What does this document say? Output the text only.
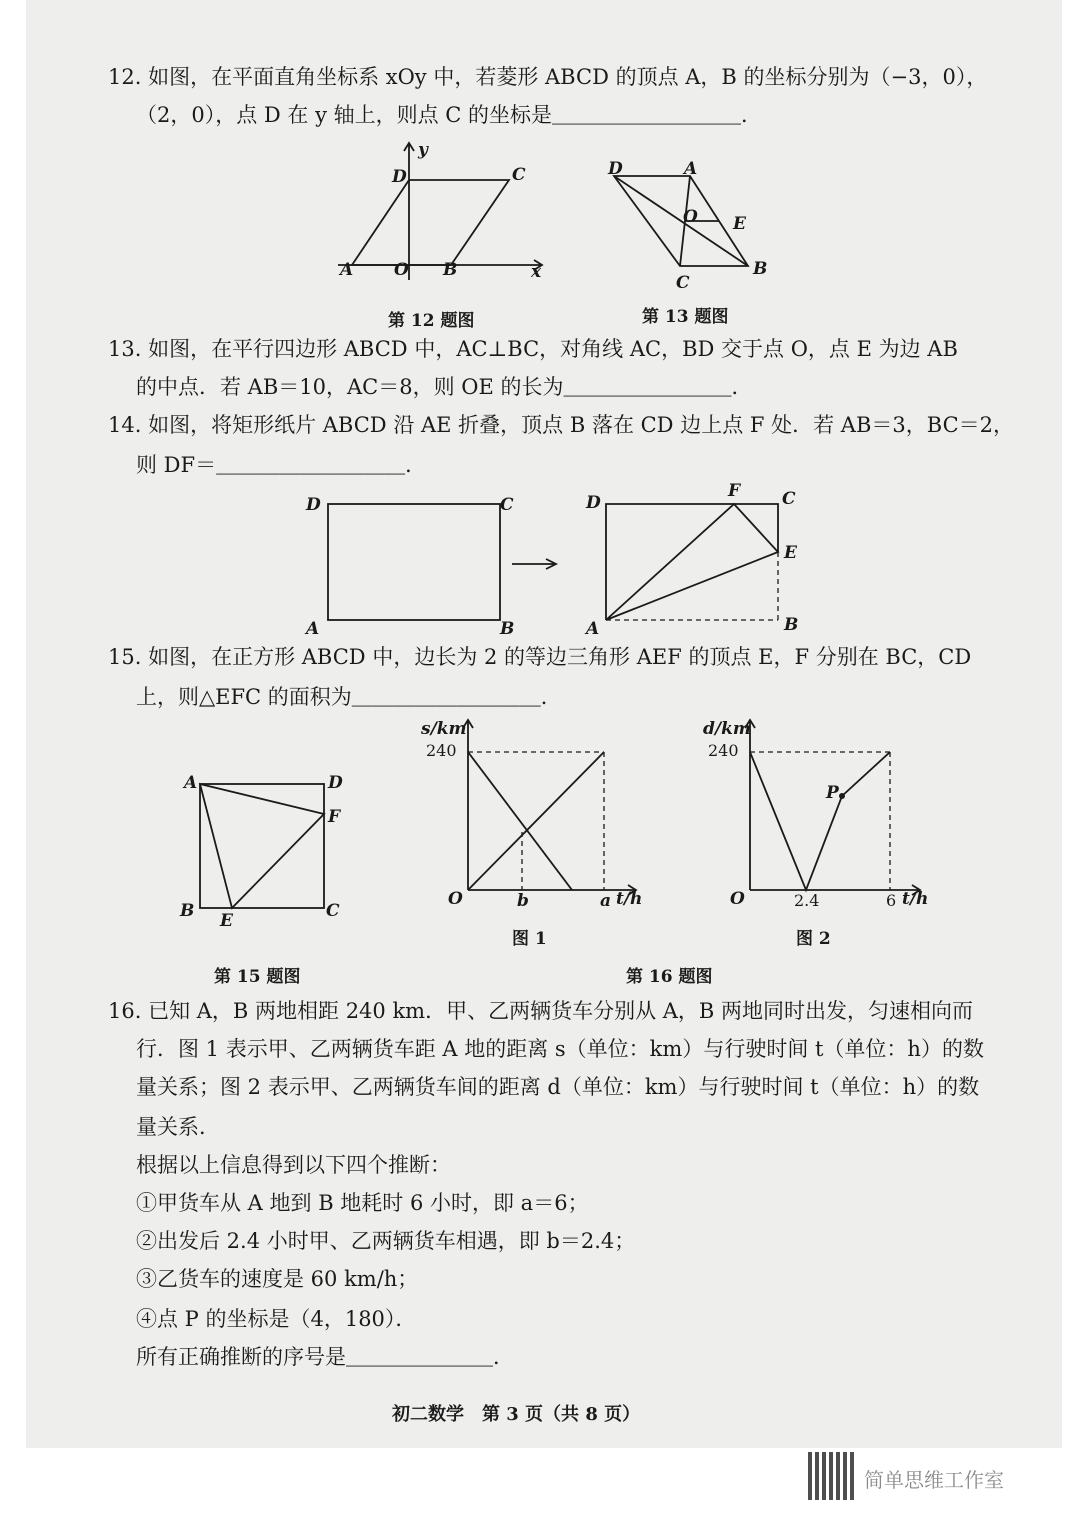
12. 如图，在平面直角坐标系 xOy 中，若菱形 ABCD 的顶点 A，B 的坐标分别为（−3，0），
（2，0），点 D 在 y 轴上，则点 C 的坐标是＿＿＿＿＿＿＿＿＿．
y
x
D	C
A O B
第 12 题图
D	A
O E
C
B
第 13 题图
13. 如图，在平行四边形 ABCD 中，AC⊥BC，对角线 AC，BD 交于点 O，点 E 为边 AB
的中点．若 AB＝10，AC＝8，则 OE 的长为＿＿＿＿＿＿＿＿．
14. 如图，将矩形纸片 ABCD 沿 AE 折叠，顶点 B 落在 CD 边上点 F 处．若 AB＝3，BC＝2，
则 DF＝＿＿＿＿＿＿＿＿＿．
D	C
A	B
D
F C
E
A	B
15. 如图，在正方形 ABCD 中，边长为 2 的等边三角形 AEF 的顶点 E，F 分别在 BC，CD
上，则△EFC 的面积为＿＿＿＿＿＿＿＿＿．
A	D
F
B E	C
第 15 题图
s/km
240
O	b	a t/h
图 1
d/km
240
O	2.4	6 t/h
P
图 2
第 16 题图
16. 已知 A，B 两地相距 240 km．甲、乙两辆货车分别从 A，B 两地同时出发，匀速相向而
行．图 1 表示甲、乙两辆货车距 A 地的距离 s（单位：km）与行驶时间 t（单位：h）的数
量关系；图 2 表示甲、乙两辆货车间的距离 d（单位：km）与行驶时间 t（单位：h）的数
量关系．
根据以上信息得到以下四个推断：
①甲货车从 A 地到 B 地耗时 6 小时，即 a＝6；
②出发后 2.4 小时甲、乙两辆货车相遇，即 b＝2.4；
③乙货车的速度是 60 km/h；
④点 P 的坐标是（4，180）．
所有正确推断的序号是＿＿＿＿＿＿＿．
初二数学　第 3 页（共 8 页）
简单思维工作室
